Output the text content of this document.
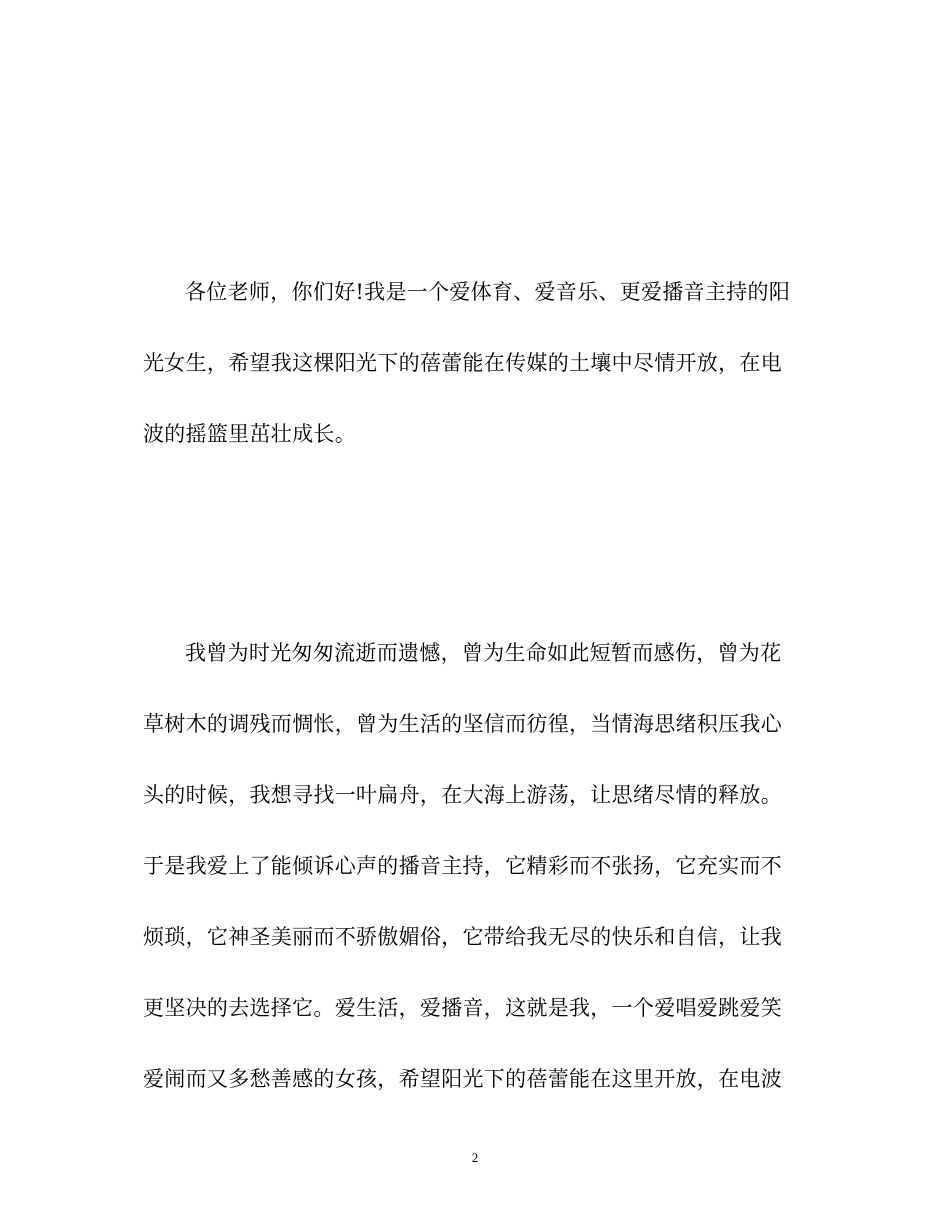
各位老师，你们好!我是一个爱体育、爱音乐、更爱播音主持的阳
光女生，希望我这棵阳光下的蓓蕾能在传媒的土壤中尽情开放，在电
波的摇篮里茁壮成长。
我曾为时光匆匆流逝而遗憾，曾为生命如此短暂而感伤，曾为花
草树木的调残而惆怅，曾为生活的坚信而彷徨，当情海思绪积压我心
头的时候，我想寻找一叶扁舟，在大海上游荡，让思绪尽情的释放。
于是我爱上了能倾诉心声的播音主持，它精彩而不张扬，它充实而不
烦琐，它神圣美丽而不骄傲媚俗，它带给我无尽的快乐和自信，让我
更坚决的去选择它。爱生活，爱播音，这就是我，一个爱唱爱跳爱笑
爱闹而又多愁善感的女孩，希望阳光下的蓓蕾能在这里开放，在电波
2
